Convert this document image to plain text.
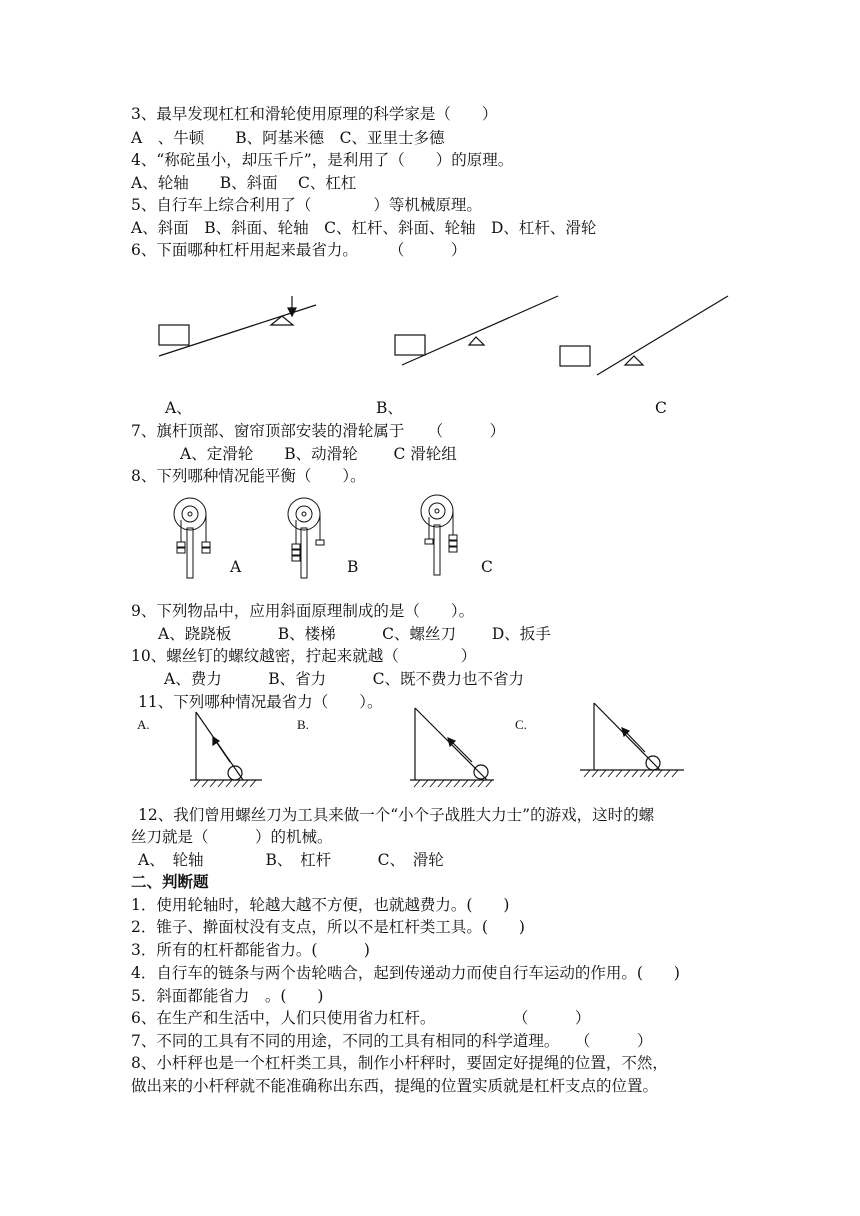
3、最早发现杠杠和滑轮使用原理的科学家是（　　）
A　、牛顿　　B、阿基米德　C、亚里士多德
4、“称砣虽小，却压千斤”，是利用了（　　）的原理。
A、轮轴　　B、斜面　 C、杠杠
5、自行车上综合利用了（　　　　）等机械原理。
A、斜面　B、斜面、轮轴　C、杠杆、斜面、轮轴　D、杠杆、滑轮
6、下面哪种杠杆用起来最省力。　　　（　　　）
A、	B、	C
7、旗杆顶部、窗帘顶部安装的滑轮属于　　（　　　）
A、定滑轮　　B、动滑轮　　 C 滑轮组
8、下列哪种情况能平衡（　　）。
A	B	C
9、下列物品中，应用斜面原理制成的是（　　）。
A、跷跷板　　　B、楼梯　　　C、螺丝刀　　 D、扳手
10、螺丝钉的螺纹越密，拧起来就越（　　　　）
A、费力　　　B、省力　　　C、既不费力也不省力
11、下列哪种情况最省力（　　）。
A.	B.	C.
12、我们曾用螺丝刀为工具来做一个“小个子战胜大力士”的游戏，这时的螺
丝刀就是（　　　）的机械。
A、　轮轴　　　　B、　杠杆　　　C、　滑轮
二、判断题
1．使用轮轴时，轮越大越不方便，也就越费力。(　　)
2．锥子、擀面杖没有支点，所以不是杠杆类工具。(　　)
3．所有的杠杆都能省力。(　　　)
4．自行车的链条与两个齿轮啮合，起到传递动力而使自行车运动的作用。(　　)
5．斜面都能省力　。(　　)
6、在生产和生活中，人们只使用省力杠杆。　　　　　　（　　　）
7、不同的工具有不同的用途，不同的工具有相同的科学道理。　　（　　　）
8、小杆秤也是一个杠杆类工具，制作小杆秤时，要固定好提绳的位置，不然，
做出来的小杆秤就不能准确称出东西，提绳的位置实质就是杠杆支点的位置。
